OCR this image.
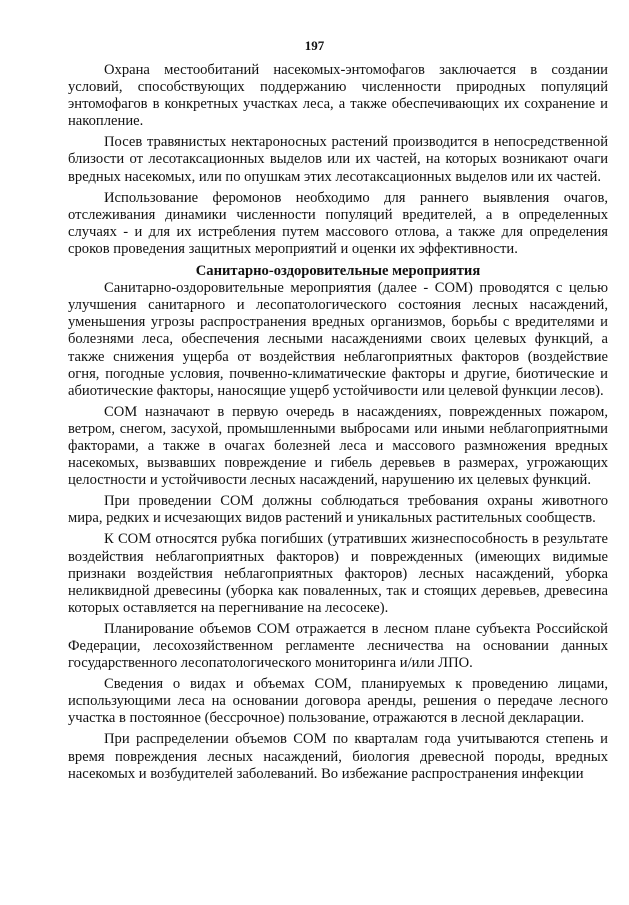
197

Охрана местообитаний насекомых-энтомофагов заключается в создании условий, способствующих поддержанию численности природных популяций энтомофагов в конкретных участках леса, а также обеспечивающих их сохранение и накопление.

Посев травянистых нектароносных растений производится в непосредственной близости от лесотаксационных выделов или их частей, на которых возникают очаги вредных насекомых, или по опушкам этих лесотаксационных выделов или их частей.

Использование феромонов необходимо для раннего выявления очагов, отслеживания динамики численности популяций вредителей, а в определенных случаях - и для их истребления путем массового отлова, а также для определения сроков проведения защитных мероприятий и оценки их эффективности.

Санитарно-оздоровительные мероприятия

Санитарно-оздоровительные мероприятия (далее - СОМ) проводятся с целью улучшения санитарного и лесопатологического состояния лесных насаждений, уменьшения угрозы распространения вредных организмов, борьбы с вредителями и болезнями леса, обеспечения лесными насаждениями своих целевых функций, а также снижения ущерба от воздействия неблагоприятных факторов (воздействие огня, погодные условия, почвенно-климатические факторы и другие, биотические и абиотические факторы, наносящие ущерб устойчивости или целевой функции лесов).

СОМ назначают в первую очередь в насаждениях, поврежденных пожаром, ветром, снегом, засухой, промышленными выбросами или иными неблагоприятными факторами, а также в очагах болезней леса и массового размножения вредных насекомых, вызвавших повреждение и гибель деревьев в размерах, угрожающих целостности и устойчивости лесных насаждений, нарушению их целевых функций.

При проведении СОМ должны соблюдаться требования охраны животного мира, редких и исчезающих видов растений и уникальных растительных сообществ.

К СОМ относятся рубка погибших (утративших жизнеспособность в результате воздействия неблагоприятных факторов) и поврежденных (имеющих видимые признаки воздействия неблагоприятных факторов) лесных насаждений, уборка неликвидной древесины (уборка как поваленных, так и стоящих деревьев, древесина которых оставляется на перегнивание на лесосеке).

Планирование объемов СОМ отражается в лесном плане субъекта Российской Федерации, лесохозяйственном регламенте лесничества на основании данных государственного лесопатологического мониторинга и/или ЛПО.

Сведения о видах и объемах СОМ, планируемых к проведению лицами, использующими леса на основании договора аренды, решения о передаче лесного участка в постоянное (бессрочное) пользование, отражаются в лесной декларации.

При распределении объемов СОМ по кварталам года учитываются степень и время повреждения лесных насаждений, биология древесной породы, вредных насекомых и возбудителей заболеваний. Во избежание распространения инфекции
